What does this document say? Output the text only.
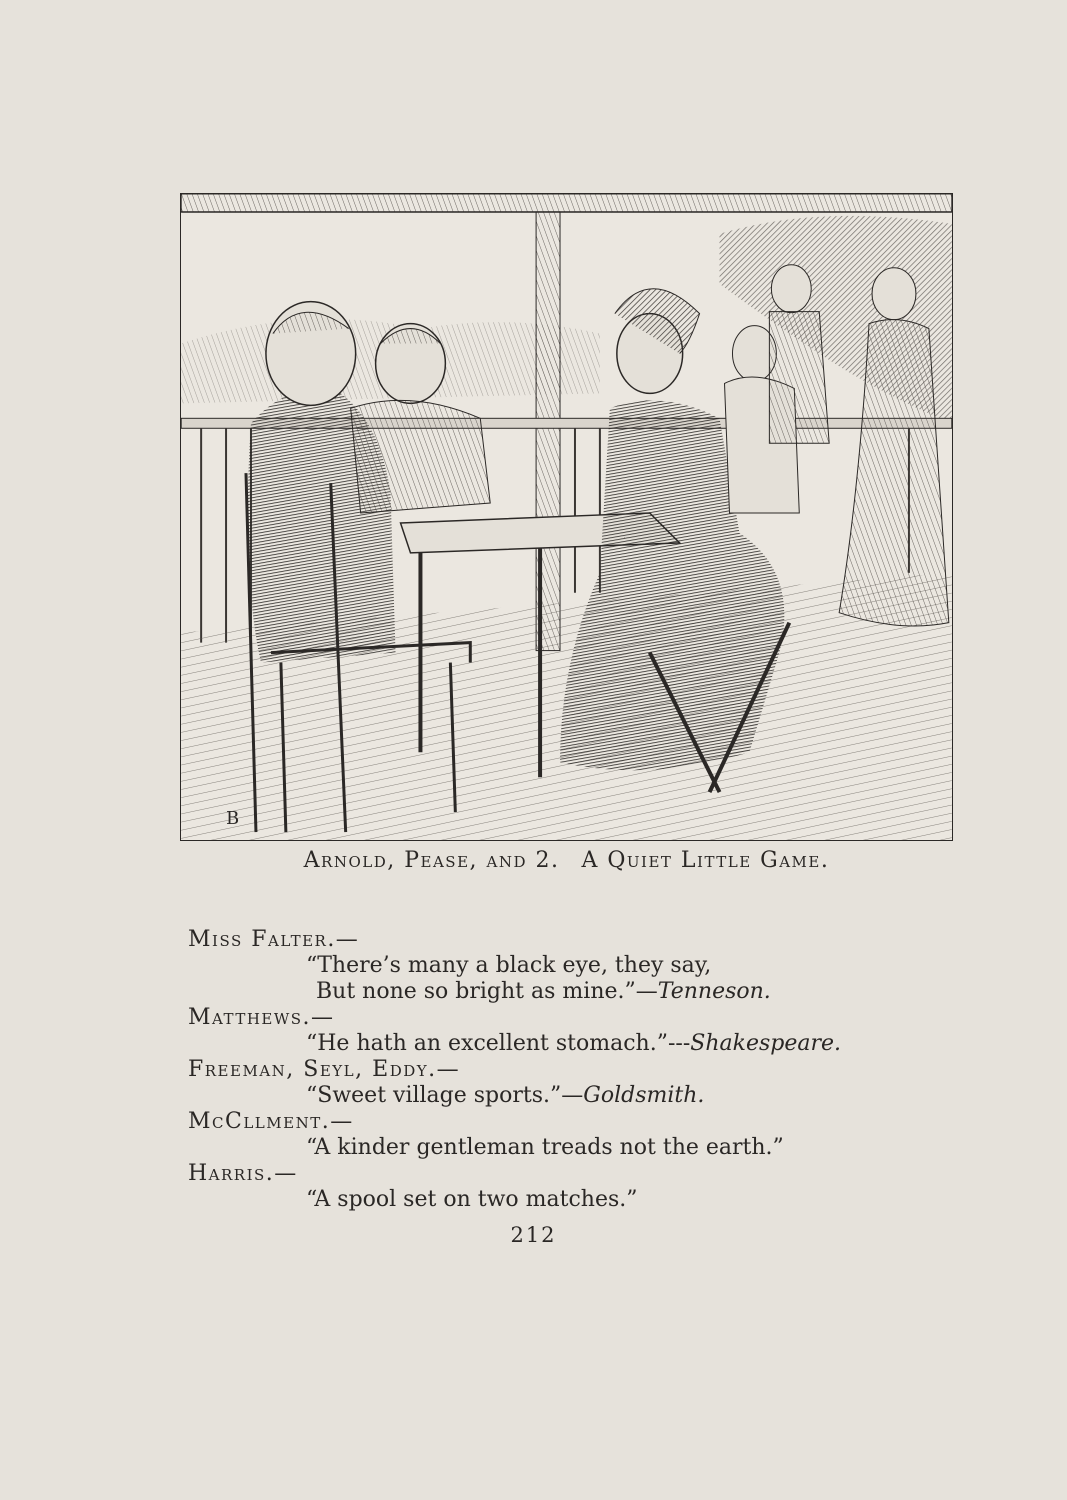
B
Arnold, Pease, and 2. A Quiet Little Game.
Miss Falter.—
“There’s many a black eye, they say,
But none so bright as mine.”—Tenneson.
Matthews.—
“He hath an excellent stomach.”---Shakespeare.
Freeman, Seyl, Eddy.—
“Sweet village sports.”—Goldsmith.
McCllment.—
“A kinder gentleman treads not the earth.”
Harris.—
“A spool set on two matches.”
212
